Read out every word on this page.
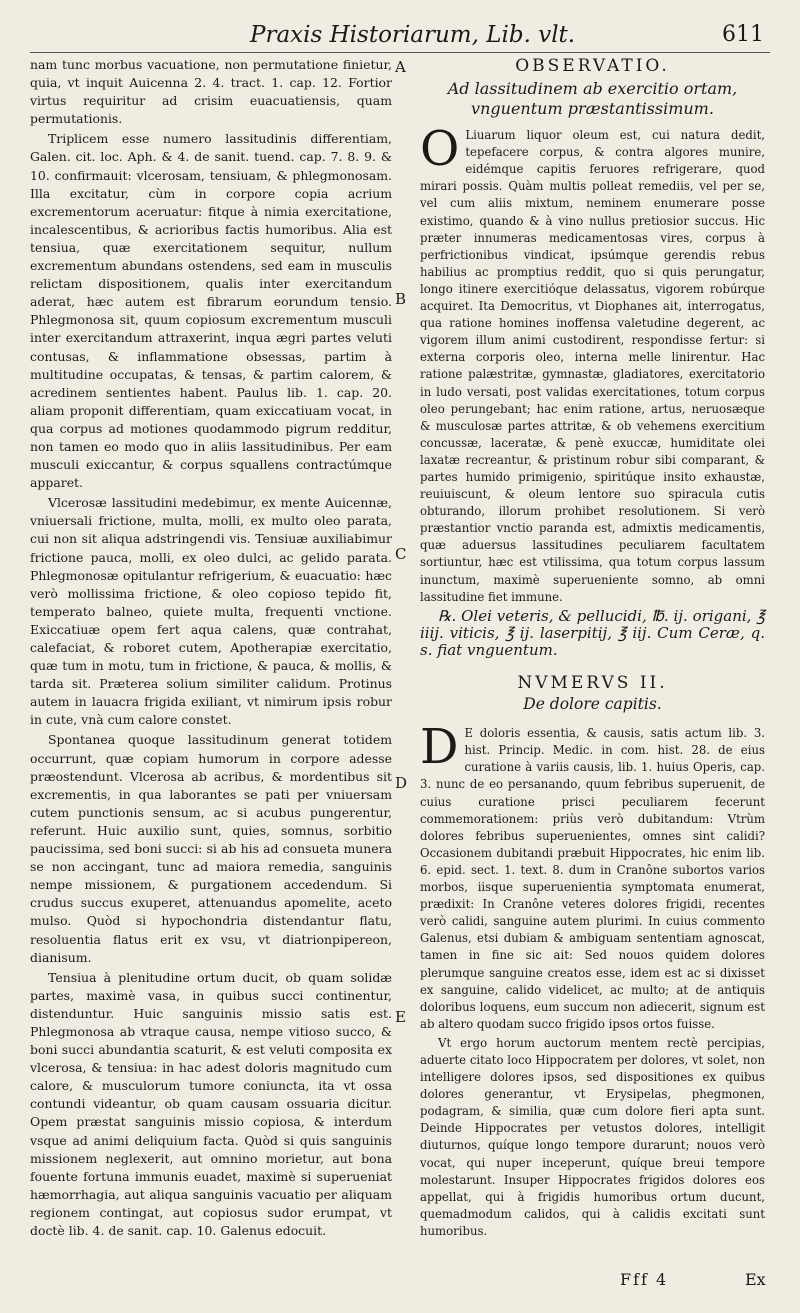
Praxis Historiarum, Lib. vlt.	611

nam tunc morbus vacuatione, non permutatione finietur, quia, vt inquit Auicenna 2. 4. tract. 1. cap. 12. Fortior virtus requiritur ad crisim euacuatiensis, quam permutationis.

Triplicem esse numero lassitudinis differentiam, Galen. cit. loc. Aph. & 4. de sanit. tuend. cap. 7. 8. 9. & 10. confirmauit: vlcerosam, tensiuam, & phlegmonosam. Illa excitatur, cùm in corpore copia acrium excrementorum aceruatur: fitque à nimia exercitatione, incalescentibus, & acrioribus factis humoribus. Alia est tensiua, quæ exercitationem sequitur, nullum excrementum abundans ostendens, sed eam in musculis relictam dispositionem, qualis inter exercitandum aderat, hæc autem est fibrarum eorundum tensio. Phlegmonosa sit, quum copiosum excrementum musculi inter exercitandum attraxerint, inqua ægri partes veluti contusas, & inflammatione obsessas, partim à multitudine occupatas, & tensas, & partim calorem, & acredinem sentientes habent. Paulus lib. 1. cap. 20. aliam proponit differentiam, quam exiccatiuam vocat, in qua corpus ad motiones quodammodo pigrum redditur, non tamen eo modo quo in aliis lassitudinibus. Per eam musculi exiccantur, & corpus squallens contractúmque apparet.

Vlcerosæ lassitudini medebimur, ex mente Auicennæ, vniuersali frictione, multa, molli, ex multo oleo parata, cui non sit aliqua adstringendi vis. Tensiuæ auxiliabimur frictione pauca, molli, ex oleo dulci, ac gelido parata. Phlegmonosæ opitulantur refrigerium, & euacuatio: hæc verò mollissima frictione, & oleo copioso tepido fit, temperato balneo, quiete multa, frequenti vnctione. Exiccatiuæ opem fert aqua calens, quæ contrahat, calefaciat, & roboret cutem, Apotherapiæ exercitatio, quæ tum in motu, tum in frictione, & pauca, & mollis, & tarda sit. Præterea solium similiter calidum. Protinus autem in lauacra frigida exiliant, vt nimirum ipsis robur in cute, vnà cum calore constet.

Spontanea quoque lassitudinum generat totidem occurrunt, quæ copiam humorum in corpore adesse præostendunt. Vlcerosa ab acribus, & mordentibus sit excrementis, in qua laborantes se pati per vniuersam cutem punctionis sensum, ac si acubus pungerentur, referunt. Huic auxilio sunt, quies, somnus, sorbitio paucissima, sed boni succi: si ab his ad consueta munera se non accingant, tunc ad maiora remedia, sanguinis nempe missionem, & purgationem accedendum. Si crudus succus exuperet, attenuandus apomelite, aceto mulso. Quòd si hypochondria distendantur flatu, resoluentia flatus erit ex vsu, vt diatrionpipereon, dianisum.

Tensiua à plenitudine ortum ducit, ob quam solidæ partes, maximè vasa, in quibus succi continentur, distenduntur. Huic sanguinis missio satis est. Phlegmonosa ab vtraque causa, nempe vitioso succo, & boni succi abundantia scaturit, & est veluti composita ex vlcerosa, & tensiua: in hac adest doloris magnitudo cum calore, & musculorum tumore coniuncta, ita vt ossa contundi videantur, ob quam causam ossuaria dicitur. Opem præstat sanguinis missio copiosa, & interdum vsque ad animi deliquium facta. Quòd si quis sanguinis missionem neglexerit, aut omnino morietur, aut bona fouente fortuna immunis euadet, maximè si superueniat hæmorrhagia, aut aliqua sanguinis vacuatio per aliquam regionem contingat, aut copiosus sudor erumpat, vt doctè lib. 4. de sanit. cap. 10. Galenus edocuit.

A
B
C
D
E
OBSERVATIO.
Ad lassitudinem ab exercitio ortam, vnguentum præstantissimum.

O Liuarum liquor oleum est, cui natura dedit, tepefacere corpus, & contra algores munire, eidémque capitis feruores refrigerare, quod mirari possis. Quàm multis polleat remediis, vel per se, vel cum aliis mixtum, neminem enumerare posse existimo, quando & à vino nullus pretiosior succus. Hic præter innumeras medicamentosas vires, corpus à perfrictionibus vindicat, ipsúmque gerendis rebus habilius ac promptius reddit, quo si quis perungatur, longo itinere exercitióque delassatus, vigorem robúrque acquiret. Ita Democritus, vt Diophanes ait, interrogatus, qua ratione homines inoffensa valetudine degerent, ac vigorem illum animi custodirent, respondisse fertur: si externa corporis oleo, interna melle linirentur. Hac ratione palæstritæ, gymnastæ, gladiatores, exercitatorio in ludo versati, post validas exercitationes, totum corpus oleo perungebant; hac enim ratione, artus, neruosæque & musculosæ partes attritæ, & ob vehemens exercitium concussæ, laceratæ, & penè exuccæ, humiditate olei laxatæ recreantur, & pristinum robur sibi comparant, & partes humido primigenio, spiritúque insito exhaustæ, reuiuiscunt, & oleum lentore suo spiracula cutis obturando, illorum prohibet resolutionem. Si verò præstantior vnctio paranda est, admixtis medicamentis, quæ aduersus lassitudines peculiarem facultatem sortiuntur, hæc est vtilissima, qua totum corpus lassum inunctum, maximè superueniente somno, ab omni lassitudine fiet immune.

℞. Olei veteris, & pellucidi, ℔. ij. origani, ℥ iiij. viticis, ℥ ij. laserpitij, ℥ iij. Cum Ceræ, q. s. fiat vnguentum.

NVMERVS II.
De dolore capitis.

D E doloris essentia, & causis, satis actum lib. 3. hist. Princip. Medic. in com. hist. 28. de eius curatione à variis causis, lib. 1. huius Operis, cap. 3. nunc de eo persanando, quum febribus superuenit, de cuius curatione prisci peculiarem fecerunt commemorationem: priùs verò dubitandum: Vtrùm dolores febribus superuenientes, omnes sint calidi? Occasionem dubitandi præbuit Hippocrates, hic enim lib. 6. epid. sect. 1. text. 8. dum in Cranône subortos varios morbos, iisque superuenientia symptomata enumerat, prædixit: In Cranône veteres dolores frigidi, recentes verò calidi, sanguine autem plurimi. In cuius commento Galenus, etsi dubiam & ambiguam sententiam agnoscat, tamen in fine sic ait: Sed nouos quidem dolores plerumque sanguine creatos esse, idem est ac si dixisset ex sanguine, calido videlicet, ac multo; at de antiquis doloribus loquens, eum succum non adiecerit, signum est ab altero quodam succo frigido ipsos ortos fuisse.

Vt ergo horum auctorum mentem rectè percipias, aduerte citato loco Hippocratem per dolores, vt solet, non intelligere dolores ipsos, sed dispositiones ex quibus dolores generantur, vt Erysipelas, phegmonen, podagram, & similia, quæ cum dolore fieri apta sunt. Deinde Hippocrates per vetustos dolores, intelligit diuturnos, quíque longo tempore durarunt; nouos verò vocat, qui nuper inceperunt, quíque breui tempore molestarunt. Insuper Hippocrates frigidos dolores eos appellat, qui à frigidis humoribus ortum ducunt, quemadmodum calidos, qui à calidis excitati sunt humoribus.

Fff 4	Ex
